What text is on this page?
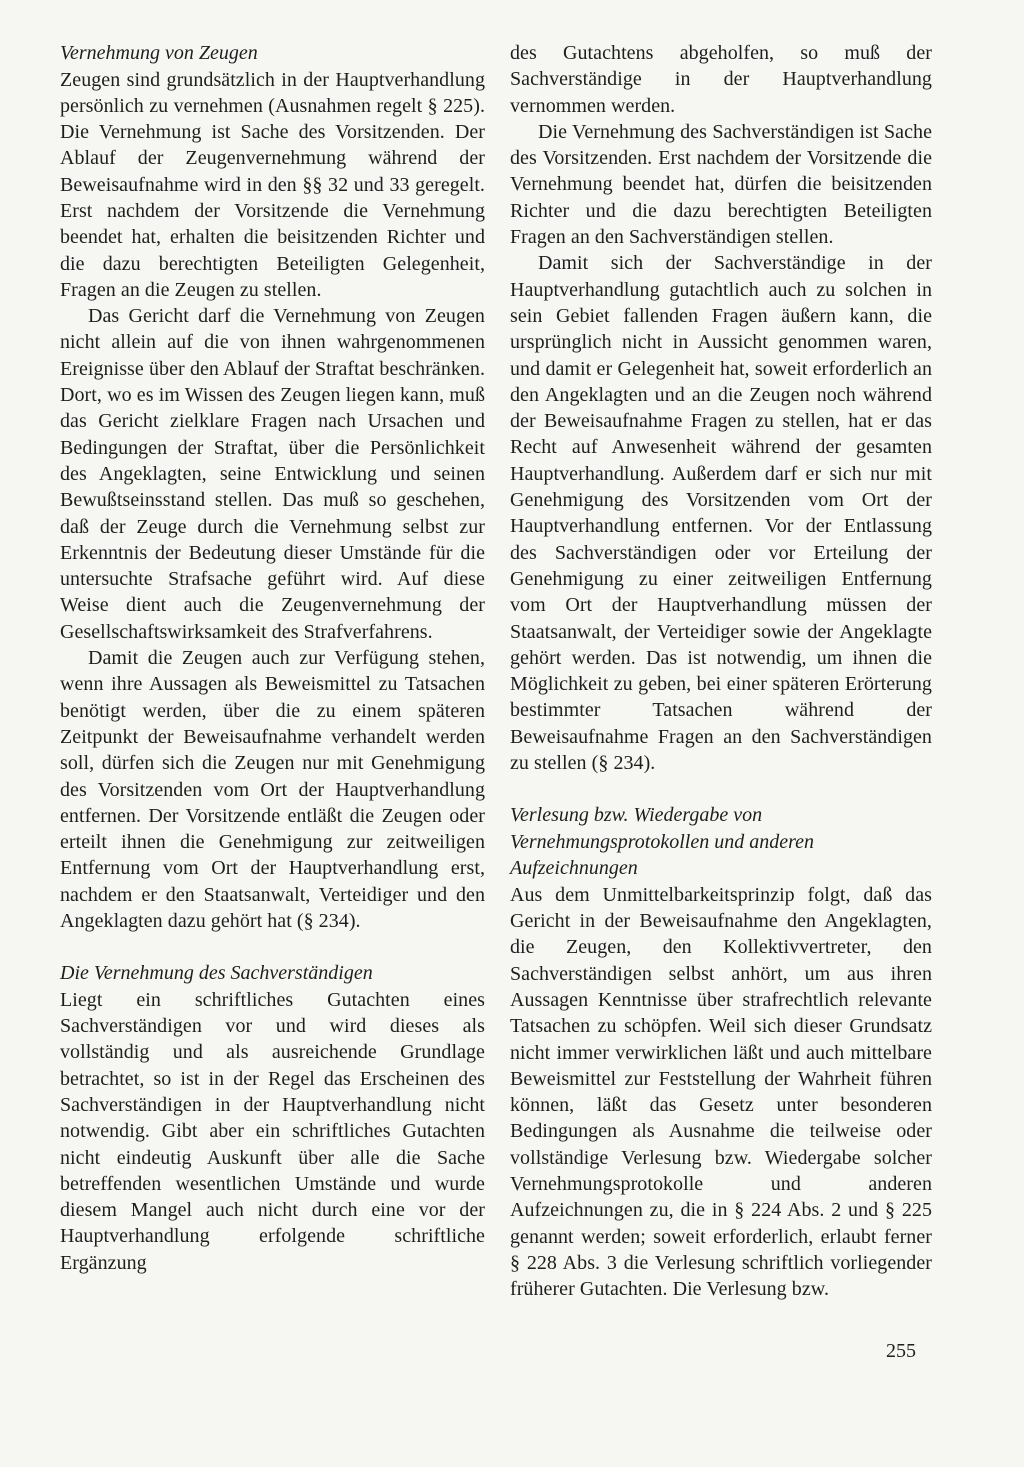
Vernehmung von Zeugen

Zeugen sind grundsätzlich in der Hauptverhandlung persönlich zu vernehmen (Ausnahmen regelt § 225). Die Vernehmung ist Sache des Vorsitzenden. Der Ablauf der Zeugenvernehmung während der Beweisaufnahme wird in den §§ 32 und 33 geregelt. Erst nachdem der Vorsitzende die Vernehmung beendet hat, erhalten die beisitzenden Richter und die dazu berechtigten Beteiligten Gelegenheit, Fragen an die Zeugen zu stellen.

Das Gericht darf die Vernehmung von Zeugen nicht allein auf die von ihnen wahrgenommenen Ereignisse über den Ablauf der Straftat beschränken. Dort, wo es im Wissen des Zeugen liegen kann, muß das Gericht zielklare Fragen nach Ursachen und Bedingungen der Straftat, über die Persönlichkeit des Angeklagten, seine Entwicklung und seinen Bewußtseinsstand stellen. Das muß so geschehen, daß der Zeuge durch die Vernehmung selbst zur Erkenntnis der Bedeutung dieser Umstände für die untersuchte Strafsache geführt wird. Auf diese Weise dient auch die Zeugenvernehmung der Gesellschaftswirksamkeit des Strafverfahrens.

Damit die Zeugen auch zur Verfügung stehen, wenn ihre Aussagen als Beweismittel zu Tatsachen benötigt werden, über die zu einem späteren Zeitpunkt der Beweisaufnahme verhandelt werden soll, dürfen sich die Zeugen nur mit Genehmigung des Vorsitzenden vom Ort der Hauptverhandlung entfernen. Der Vorsitzende entläßt die Zeugen oder erteilt ihnen die Genehmigung zur zeitweiligen Entfernung vom Ort der Hauptverhandlung erst, nachdem er den Staatsanwalt, Verteidiger und den Angeklagten dazu gehört hat (§ 234).

Die Vernehmung des Sachverständigen

Liegt ein schriftliches Gutachten eines Sachverständigen vor und wird dieses als vollständig und als ausreichende Grundlage betrachtet, so ist in der Regel das Erscheinen des Sachverständigen in der Hauptverhandlung nicht notwendig. Gibt aber ein schriftliches Gutachten nicht eindeutig Auskunft über alle die Sache betreffenden wesentlichen Umstände und wurde diesem Mangel auch nicht durch eine vor der Hauptverhandlung erfolgende schriftliche Ergänzung

des Gutachtens abgeholfen, so muß der Sachverständige in der Hauptverhandlung vernommen werden.

Die Vernehmung des Sachverständigen ist Sache des Vorsitzenden. Erst nachdem der Vorsitzende die Vernehmung beendet hat, dürfen die beisitzenden Richter und die dazu berechtigten Beteiligten Fragen an den Sachverständigen stellen.

Damit sich der Sachverständige in der Hauptverhandlung gutachtlich auch zu solchen in sein Gebiet fallenden Fragen äußern kann, die ursprünglich nicht in Aussicht genommen waren, und damit er Gelegenheit hat, soweit erforderlich an den Angeklagten und an die Zeugen noch während der Beweisaufnahme Fragen zu stellen, hat er das Recht auf Anwesenheit während der gesamten Hauptverhandlung. Außerdem darf er sich nur mit Genehmigung des Vorsitzenden vom Ort der Hauptverhandlung entfernen. Vor der Entlassung des Sachverständigen oder vor Erteilung der Genehmigung zu einer zeitweiligen Entfernung vom Ort der Hauptverhandlung müssen der Staatsanwalt, der Verteidiger sowie der Angeklagte gehört werden. Das ist notwendig, um ihnen die Möglichkeit zu geben, bei einer späteren Erörterung bestimmter Tatsachen während der Beweisaufnahme Fragen an den Sachverständigen zu stellen (§ 234).

Verlesung bzw. Wiedergabe von Vernehmungsprotokollen und anderen Aufzeichnungen

Aus dem Unmittelbarkeitsprinzip folgt, daß das Gericht in der Beweisaufnahme den Angeklagten, die Zeugen, den Kollektivvertreter, den Sachverständigen selbst anhört, um aus ihren Aussagen Kenntnisse über strafrechtlich relevante Tatsachen zu schöpfen. Weil sich dieser Grundsatz nicht immer verwirklichen läßt und auch mittelbare Beweismittel zur Feststellung der Wahrheit führen können, läßt das Gesetz unter besonderen Bedingungen als Ausnahme die teilweise oder vollständige Verlesung bzw. Wiedergabe solcher Vernehmungsprotokolle und anderen Aufzeichnungen zu, die in § 224 Abs. 2 und § 225 genannt werden; soweit erforderlich, erlaubt ferner § 228 Abs. 3 die Verlesung schriftlich vorliegender früherer Gutachten. Die Verlesung bzw.

255
